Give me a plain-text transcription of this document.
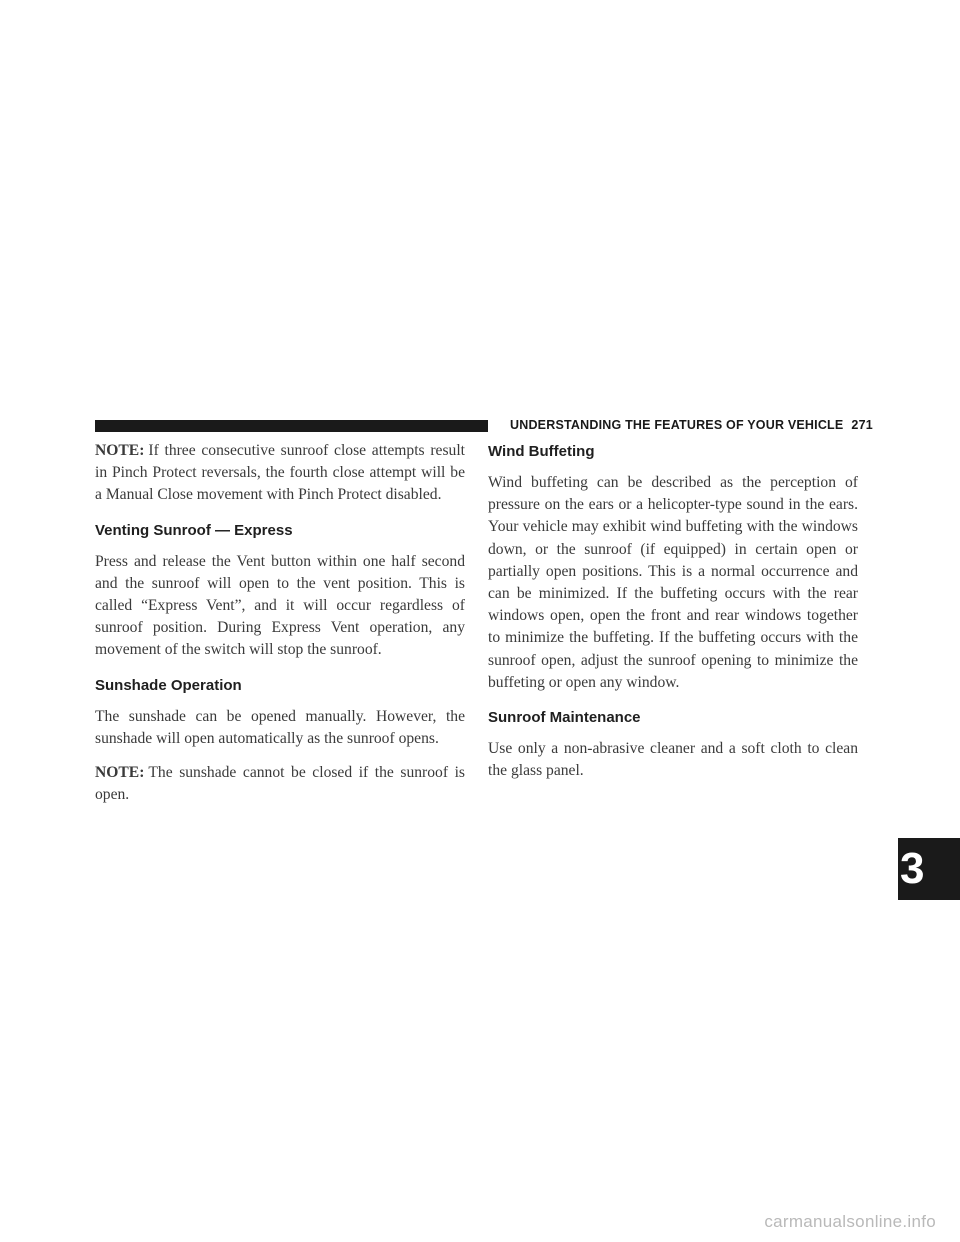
UNDERSTANDING THE FEATURES OF YOUR VEHICLE 271

NOTE: If three consecutive sunroof close attempts result in Pinch Protect reversals, the fourth close attempt will be a Manual Close movement with Pinch Protect disabled.

Venting Sunroof — Express

Press and release the Vent button within one half second and the sunroof will open to the vent position. This is called “Express Vent”, and it will occur regardless of sunroof position. During Express Vent operation, any movement of the switch will stop the sunroof.

Sunshade Operation

The sunshade can be opened manually. However, the sunshade will open automatically as the sunroof opens.

NOTE: The sunshade cannot be closed if the sunroof is open.

Wind Buffeting

Wind buffeting can be described as the perception of pressure on the ears or a helicopter-type sound in the ears. Your vehicle may exhibit wind buffeting with the windows down, or the sunroof (if equipped) in certain open or partially open positions. This is a normal occurrence and can be minimized. If the buffeting occurs with the rear windows open, open the front and rear windows together to minimize the buffeting. If the buffeting occurs with the sunroof open, adjust the sunroof opening to minimize the buffeting or open any window.

Sunroof Maintenance

Use only a non-abrasive cleaner and a soft cloth to clean the glass panel.

3
carmanualsonline.info
